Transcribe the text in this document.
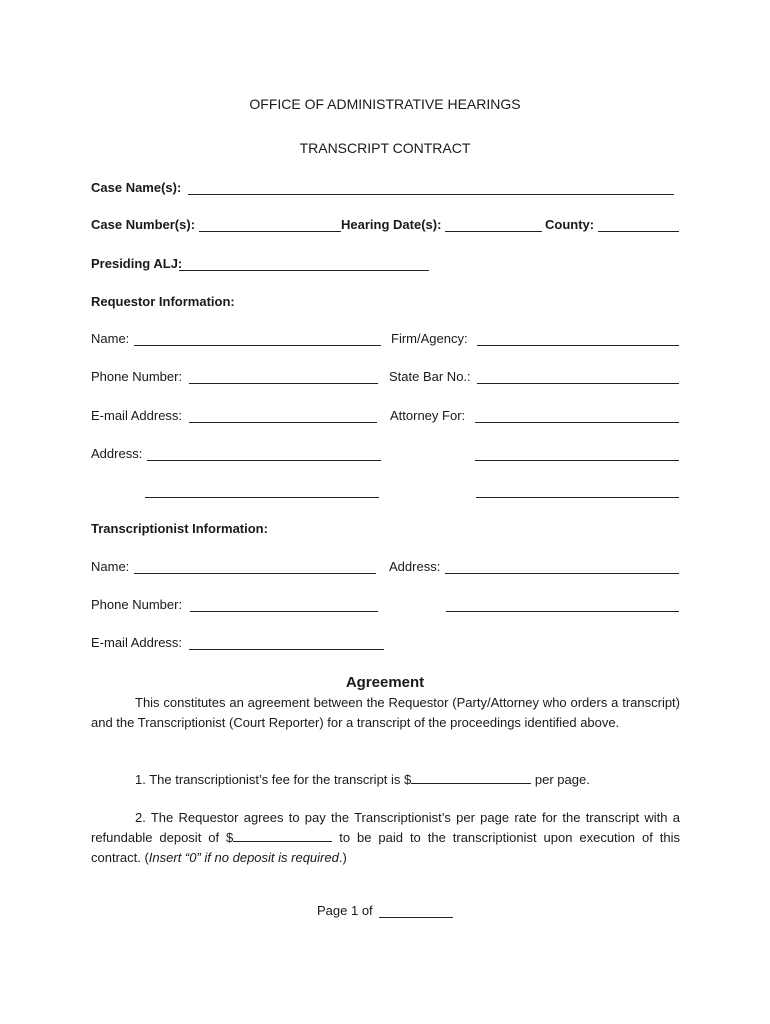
OFFICE OF ADMINISTRATIVE HEARINGS
TRANSCRIPT CONTRACT
Case Name(s):
Case Number(s):	Hearing Date(s):	County:
Presiding ALJ:
Requestor Information:
Name:	Firm/Agency:
Phone Number:	State Bar No.:
E-mail Address:	Attorney For:
Address:
Transcriptionist Information:
Name:	Address:
Phone Number:
E-mail Address:
Agreement
This constitutes an agreement between the Requestor (Party/Attorney who orders a transcript) and the Transcriptionist (Court Reporter) for a transcript of the proceedings identified above.
1. The transcriptionist’s fee for the transcript is $	per page.
2. The Requestor agrees to pay the Transcriptionist’s per page rate for the transcript with a refundable deposit of $	to be paid to the transcriptionist upon execution of this contract. (Insert “0” if no deposit is required.)
Page 1 of
